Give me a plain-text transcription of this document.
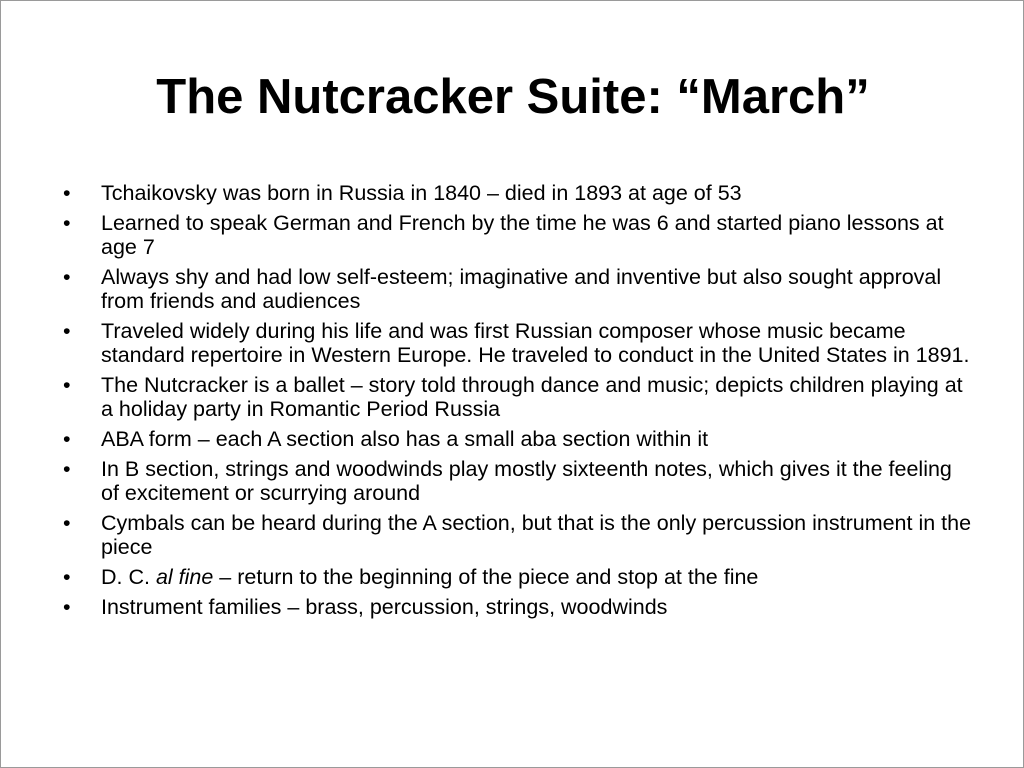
The Nutcracker Suite: “March”
•	Tchaikovsky was born in Russia in 1840 – died in 1893 at age of 53
•	Learned to speak German and French by the time he was 6 and started piano lessons at age 7
•	Always shy and had low self-esteem; imaginative and inventive but also sought approval from friends and audiences
•	Traveled widely during his life and was first Russian composer whose music became standard repertoire in Western Europe. He traveled to conduct in the United States in 1891.
•	The Nutcracker is a ballet – story told through dance and music; depicts children playing at a holiday party in Romantic Period Russia
•	ABA form – each A section also has a small aba section within it
•	In B section, strings and woodwinds play mostly sixteenth notes, which gives it the feeling of excitement or scurrying around
•	Cymbals can be heard during the A section, but that is the only percussion instrument in the piece
•	D. C. al fine – return to the beginning of the piece and stop at the fine
•	Instrument families – brass, percussion, strings, woodwinds
